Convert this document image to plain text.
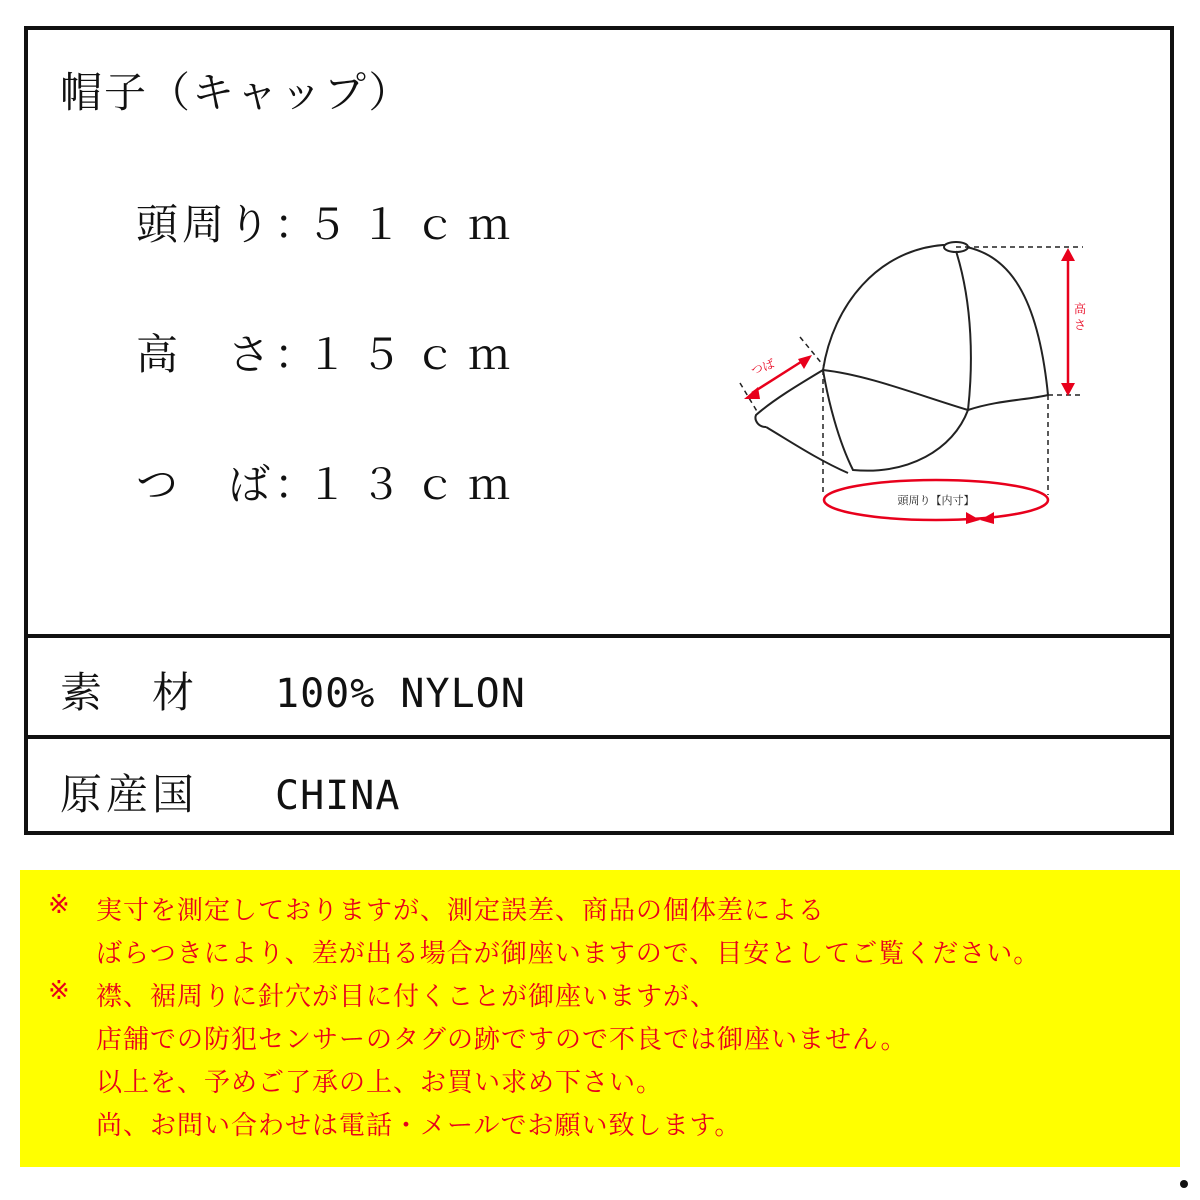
帽子（キャップ）
頭周り：５１ｃｍ
高　さ：１５ｃｍ
つ　ば：１３ｃｍ
高 さ
つば
頭周り【内寸】
素　材 100% NYLON
原産国 CHINA
※ 実寸を測定しておりますが、測定誤差、商品の個体差による
ばらつきにより、差が出る場合が御座いますので、目安としてご覧ください。
※ 襟、裾周りに針穴が目に付くことが御座いますが、
店舗での防犯センサーのタグの跡ですので不良では御座いません。
以上を、予めご了承の上、お買い求め下さい。
尚、お問い合わせは電話・メールでお願い致します。
